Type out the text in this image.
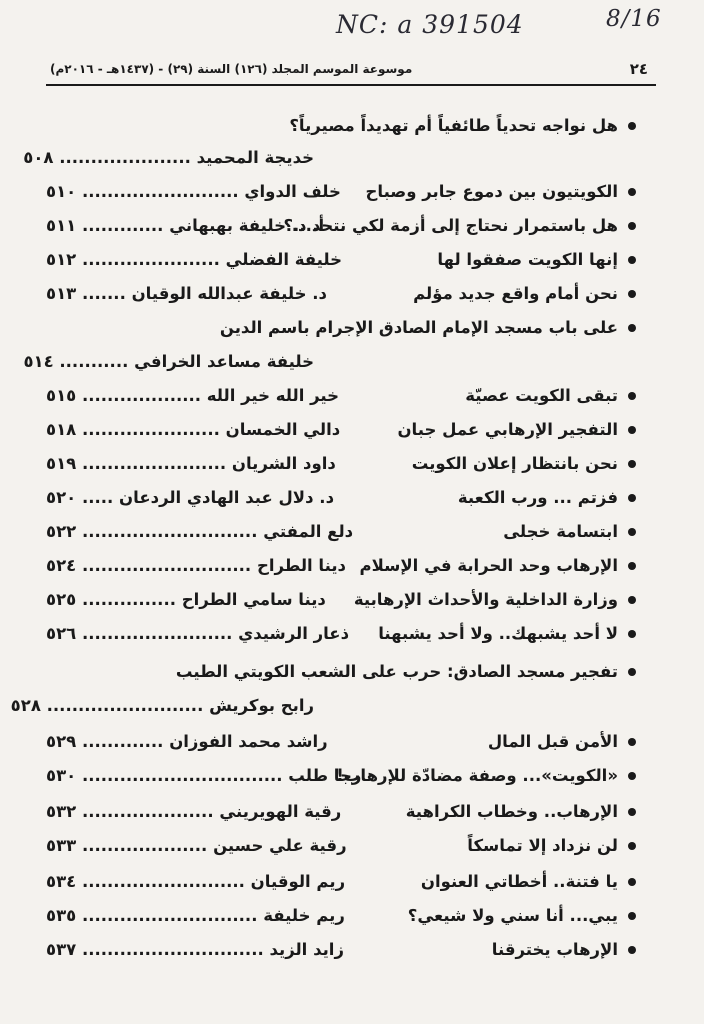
NC: a 391504	8/16
٢٤
موسوعة الموسم المجلد (١٢٦) السنة (٢٩) - (١٤٣٧هـ - ٢٠١٦م)
هل نواجه تحدياً طائفياً أم تهديداً مصيرياً؟
خديجة المحميد ..................... ٥٠٨
الكويتيون بين دموع جابر وصباح
خلف الدواي ......................... ٥١٠
هل باستمرار نحتاج إلى أزمة لكي نتحد...؟
أ. د. خليفة بهبهاني ............. ٥١١
إنها الكويت صفقوا لها
خليفة الفضلي ...................... ٥١٢
نحن أمام واقع جديد مؤلم
د. خليفة عبدالله الوقيان ....... ٥١٣
على باب مسجد الإمام الصادق الإجرام باسم الدين
خليفة مساعد الخرافي ........... ٥١٤
تبقى الكويت عصيّة
خير الله خير الله ................... ٥١٥
التفجير الإرهابي عمل جبان
دالي الخمسان ...................... ٥١٨
نحن بانتظار إعلان الكويت
داود الشريان ....................... ٥١٩
فزتم ... ورب الكعبة
د. دلال عبد الهادي الردعان ..... ٥٢٠
ابتسامة خجلى
دلع المفتي ............................ ٥٢٢
الإرهاب وحد الحرابة في الإسلام
دينا الطراح ........................... ٥٢٤
وزارة الداخلية والأحداث الإرهابية
دينا سامي الطراح ............... ٥٢٥
لا أحد يشبهك.. ولا أحد يشبهنا
ذعار الرشيدي ........................ ٥٢٦
تفجير مسجد الصادق: حرب على الشعب الكويتي الطيب
رابح بوكريش ......................... ٥٢٨
الأمن قبل المال
راشد محمد الفوزان ............. ٥٢٩
«الكويت»... وصفة مضادّة للإرهاب!
رجا طلب ................................ ٥٣٠
الإرهاب.. وخطاب الكراهية
رقية الهويريني ..................... ٥٣٢
لن نزداد إلا تماسكاً
رقية علي حسين .................... ٥٣٣
يا فتنة.. أخطاتي العنوان
ريم الوقيان .......................... ٥٣٤
يبي... أنا سني ولا شيعي؟
ريم خليفة ............................ ٥٣٥
الإرهاب يخترقنا
زايد الزيد ............................. ٥٣٧
